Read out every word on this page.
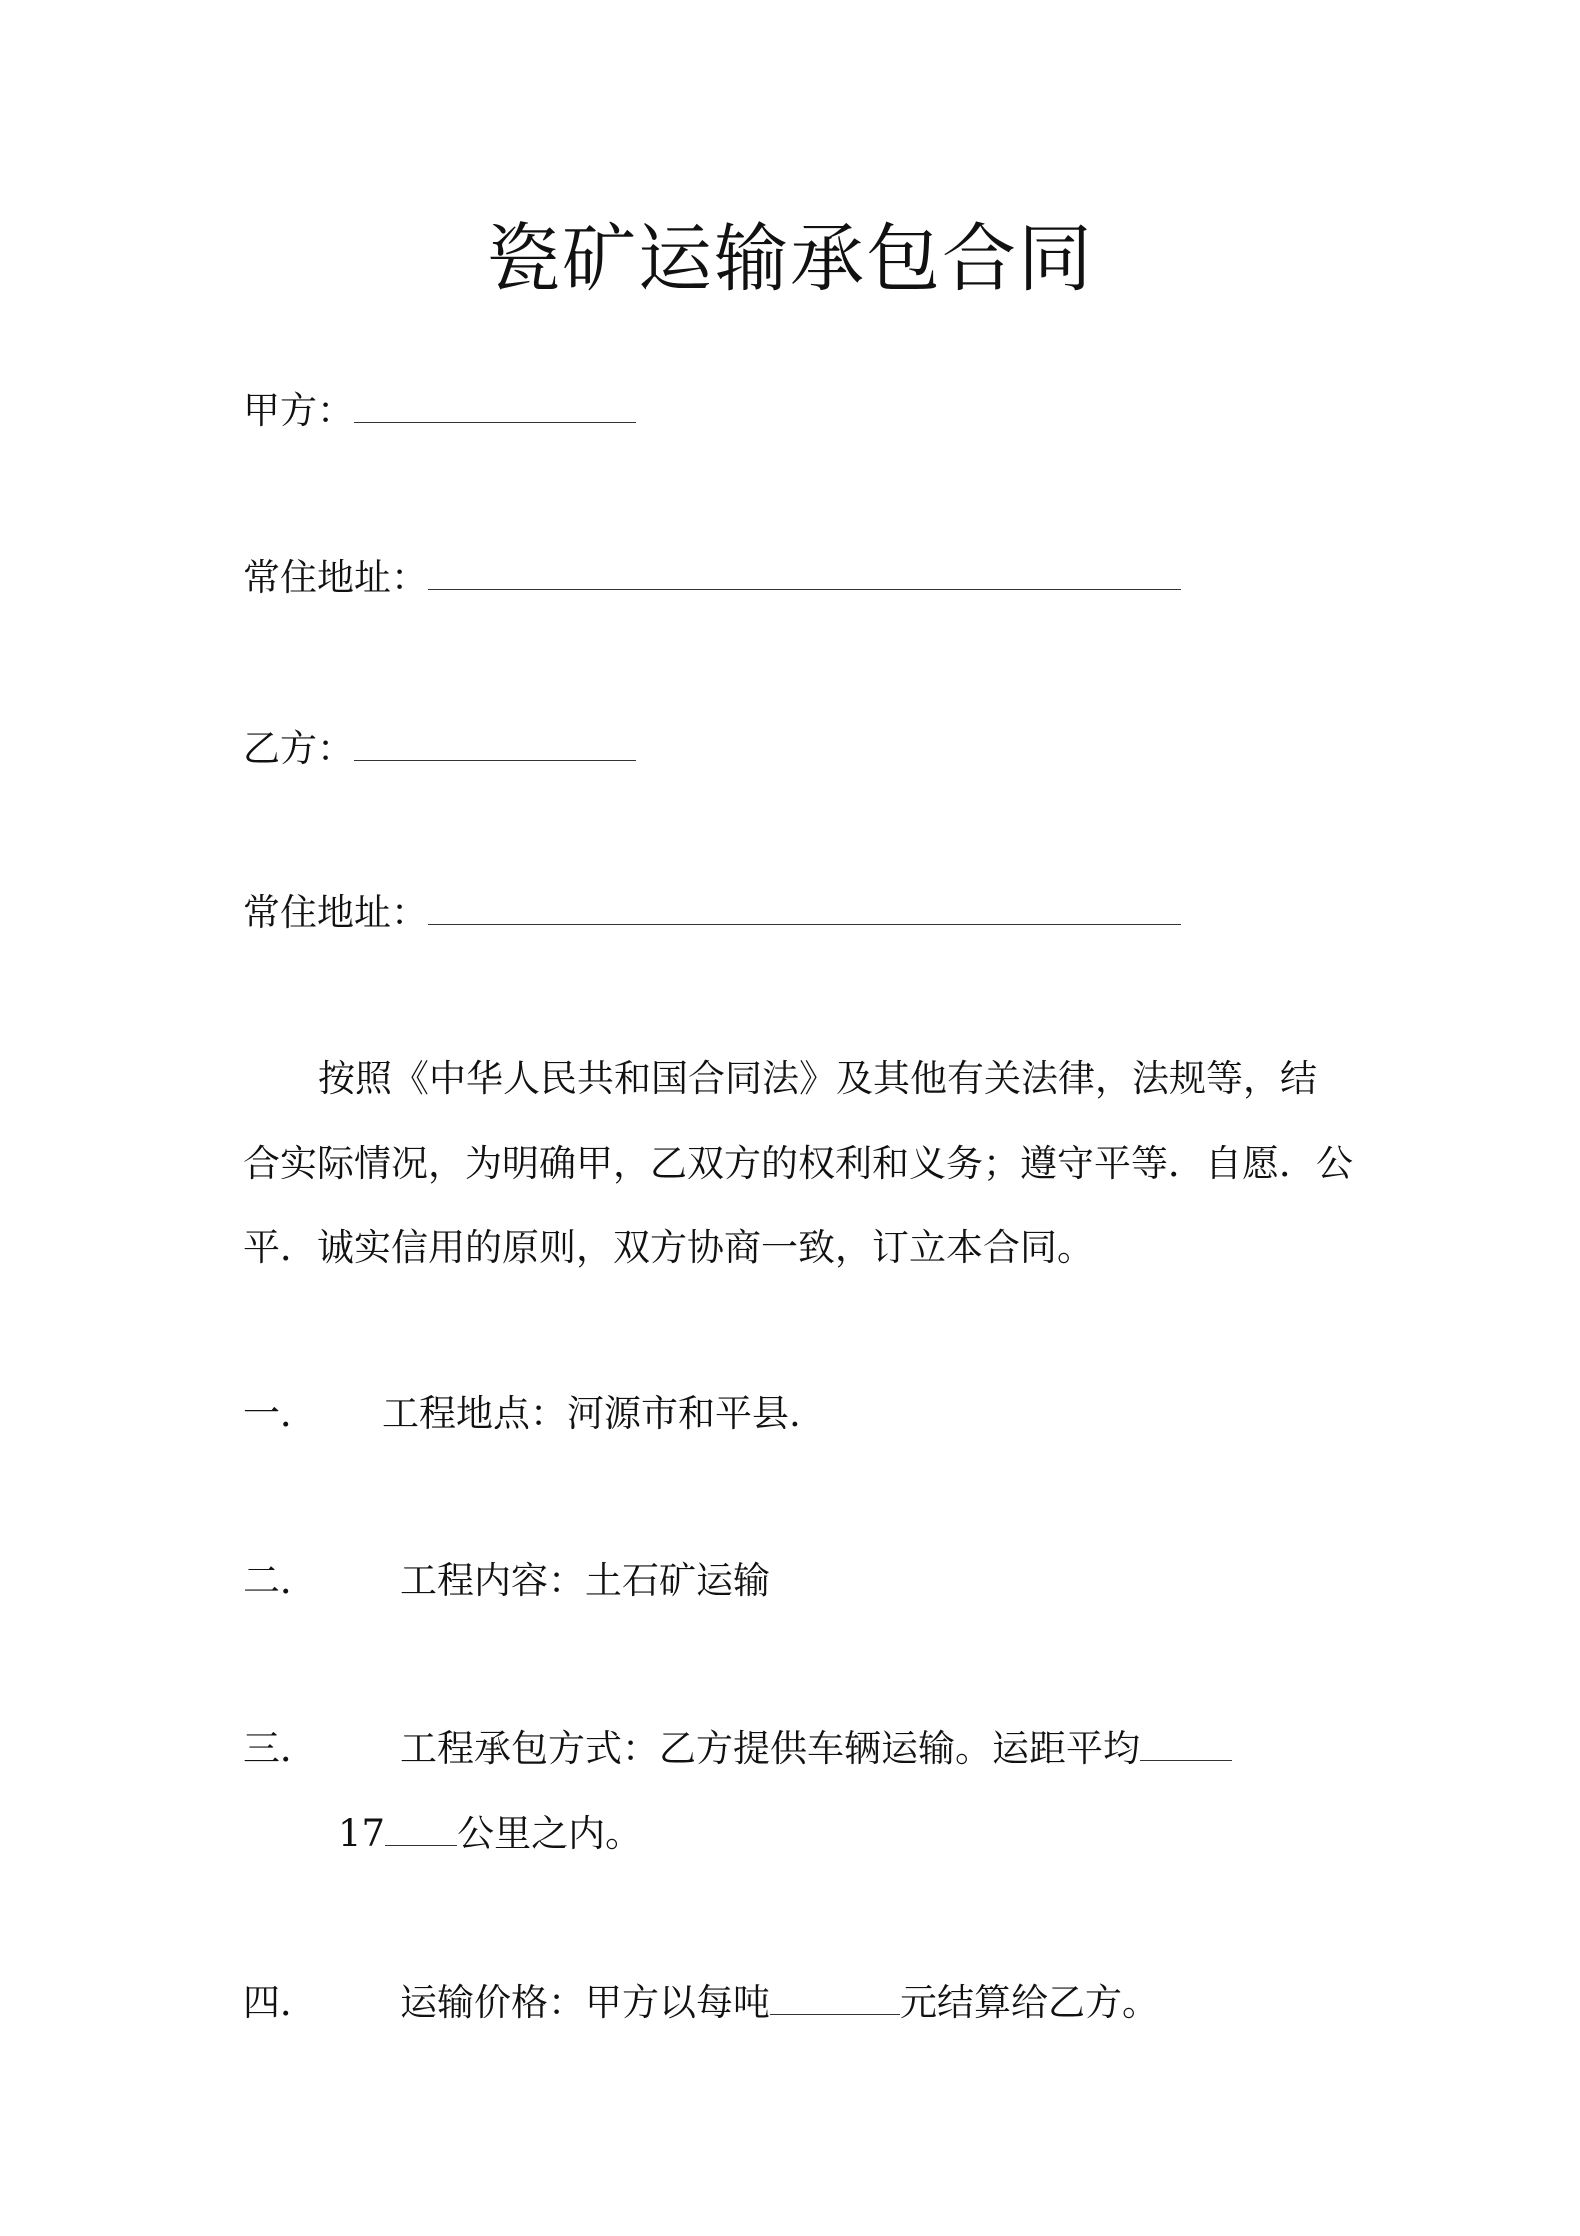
瓷矿运输承包合同
甲方：
常住地址：
乙方：
常住地址：
按照《中华人民共和国合同法》及其他有关法律，法规等，结
合实际情况，为明确甲，乙双方的权利和义务；遵守平等．自愿．公
平．诚实信用的原则，双方协商一致，订立本合同。
一． 工程地点：河源市和平县.
二． 工程内容：土石矿运输
三． 工程承包方式：乙方提供车辆运输。运距平均
17 公里之内。
四． 运输价格：甲方以每吨	元结算给乙方。
